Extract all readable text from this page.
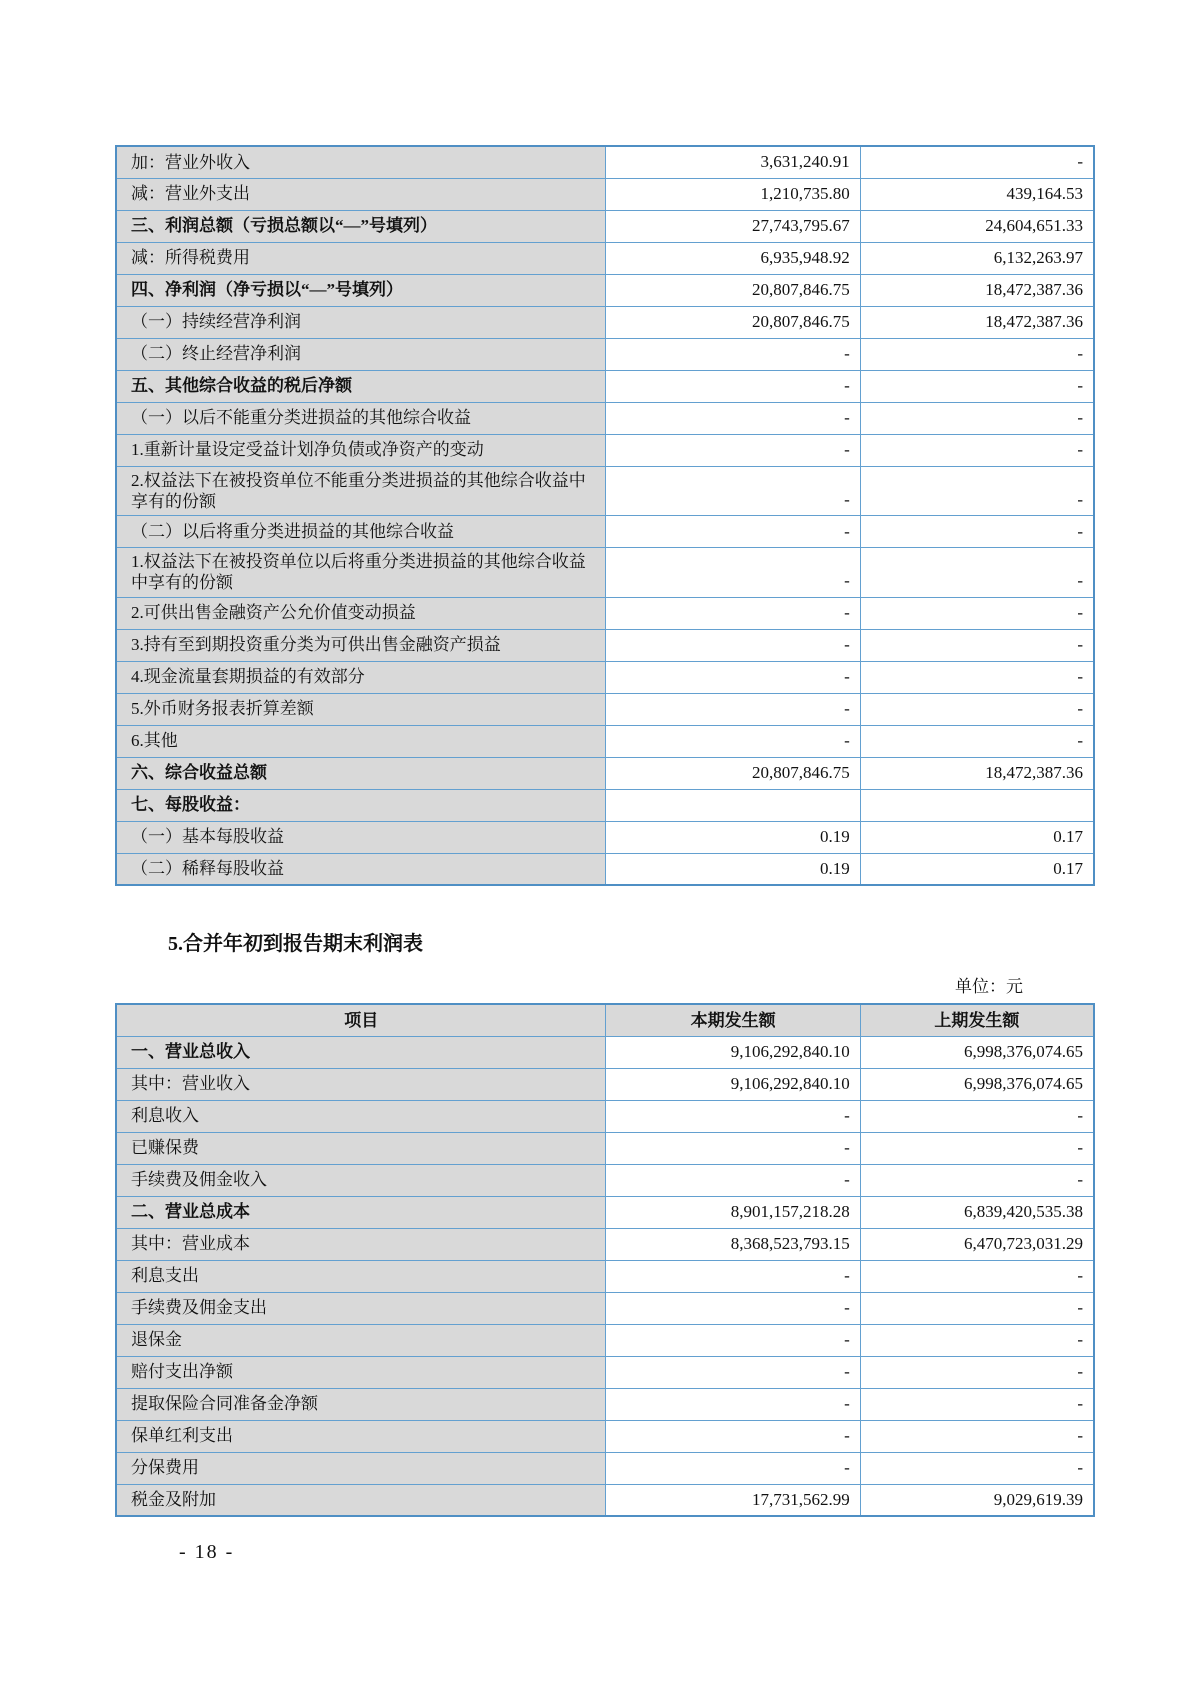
加：营业外收入	3,631,240.91	-
减：营业外支出	1,210,735.80	439,164.53
三、利润总额（亏损总额以“—”号填列）	27,743,795.67	24,604,651.33
减：所得税费用	6,935,948.92	6,132,263.97
四、净利润（净亏损以“—”号填列）	20,807,846.75	18,472,387.36
（一）持续经营净利润	20,807,846.75	18,472,387.36
（二）终止经营净利润	-	-
五、其他综合收益的税后净额	-	-
（一）以后不能重分类进损益的其他综合收益	-	-
1.重新计量设定受益计划净负债或净资产的变动	-	-
2.权益法下在被投资单位不能重分类进损益的其他综合收益中享有的份额	-	-
（二）以后将重分类进损益的其他综合收益	-	-
1.权益法下在被投资单位以后将重分类进损益的其他综合收益中享有的份额	-	-
2.可供出售金融资产公允价值变动损益	-	-
3.持有至到期投资重分类为可供出售金融资产损益	-	-
4.现金流量套期损益的有效部分	-	-
5.外币财务报表折算差额	-	-
6.其他	-	-
六、综合收益总额	20,807,846.75	18,472,387.36
七、每股收益：		
（一）基本每股收益	0.19	0.17
（二）稀释每股收益	0.19	0.17
5.合并年初到报告期末利润表
单位：元
项目	本期发生额	上期发生额
一、营业总收入	9,106,292,840.10	6,998,376,074.65
其中：营业收入	9,106,292,840.10	6,998,376,074.65
利息收入	-	-
已赚保费	-	-
手续费及佣金收入	-	-
二、营业总成本	8,901,157,218.28	6,839,420,535.38
其中：营业成本	8,368,523,793.15	6,470,723,031.29
利息支出	-	-
手续费及佣金支出	-	-
退保金	-	-
赔付支出净额	-	-
提取保险合同准备金净额	-	-
保单红利支出	-	-
分保费用	-	-
税金及附加	17,731,562.99	9,029,619.39
- 18 -
